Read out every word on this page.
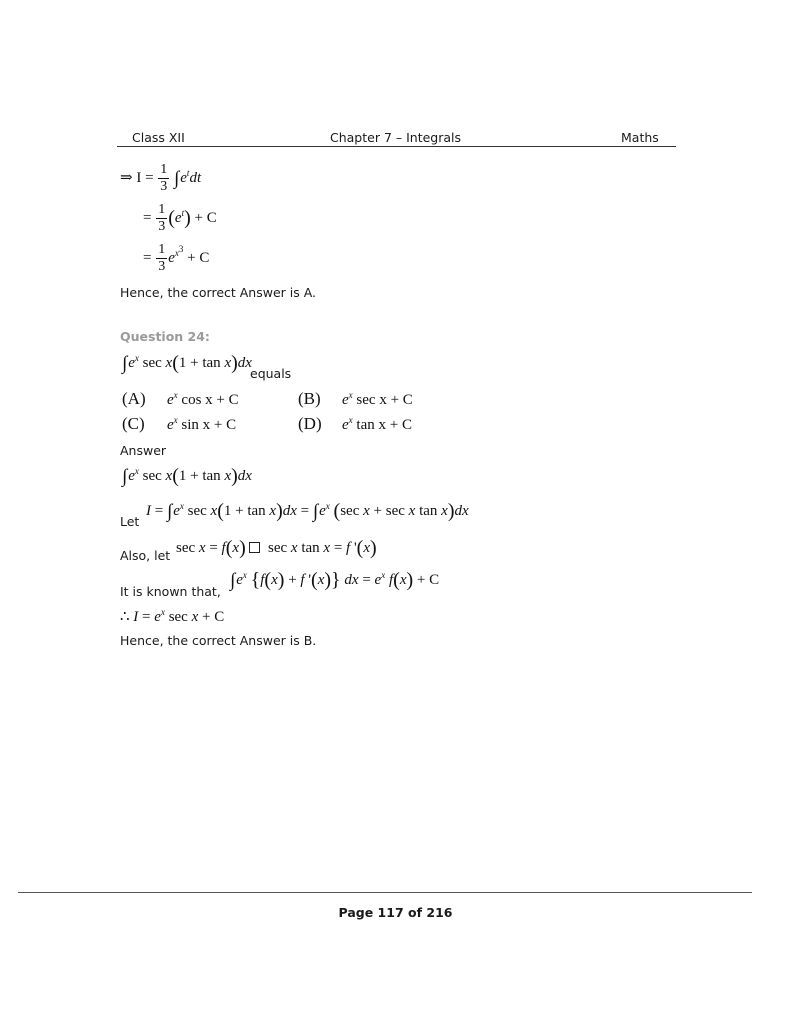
Class XII	Chapter 7 – Integrals	Maths
⇒ $I = \frac{1}{3} \int e^tdt$
= $\frac{1}{3} (e^t) + C$
= $\frac{1}{3} e^{x^3} + C$
Hence, the correct Answer is A.
Question 24:
$\int e^x$ sec x(1 + tan x)dx
equals
(A) $e^x$ cos x + C	(B) $e^x$ sec x + C
(C) $e^x$ sin x + C	(D) $e^x$ tan x + C
Answer
$\int e^x$ sec x(1 + tan x)dx
Let
$I = \int e^x$ $\sec x(1 + \tan x)dx = \int e^x$ (sec x + sec x tan x)dx
Also, let sec x = f(x)   sec x tan x = f '(x)
It is known that,
$\int e^x$ {f(x) + f '(x)} dx = $e^x$ f(x) + C
∴ $I = e^x$ sec x + C
Hence, the correct Answer is B.
Page 117 of 216
